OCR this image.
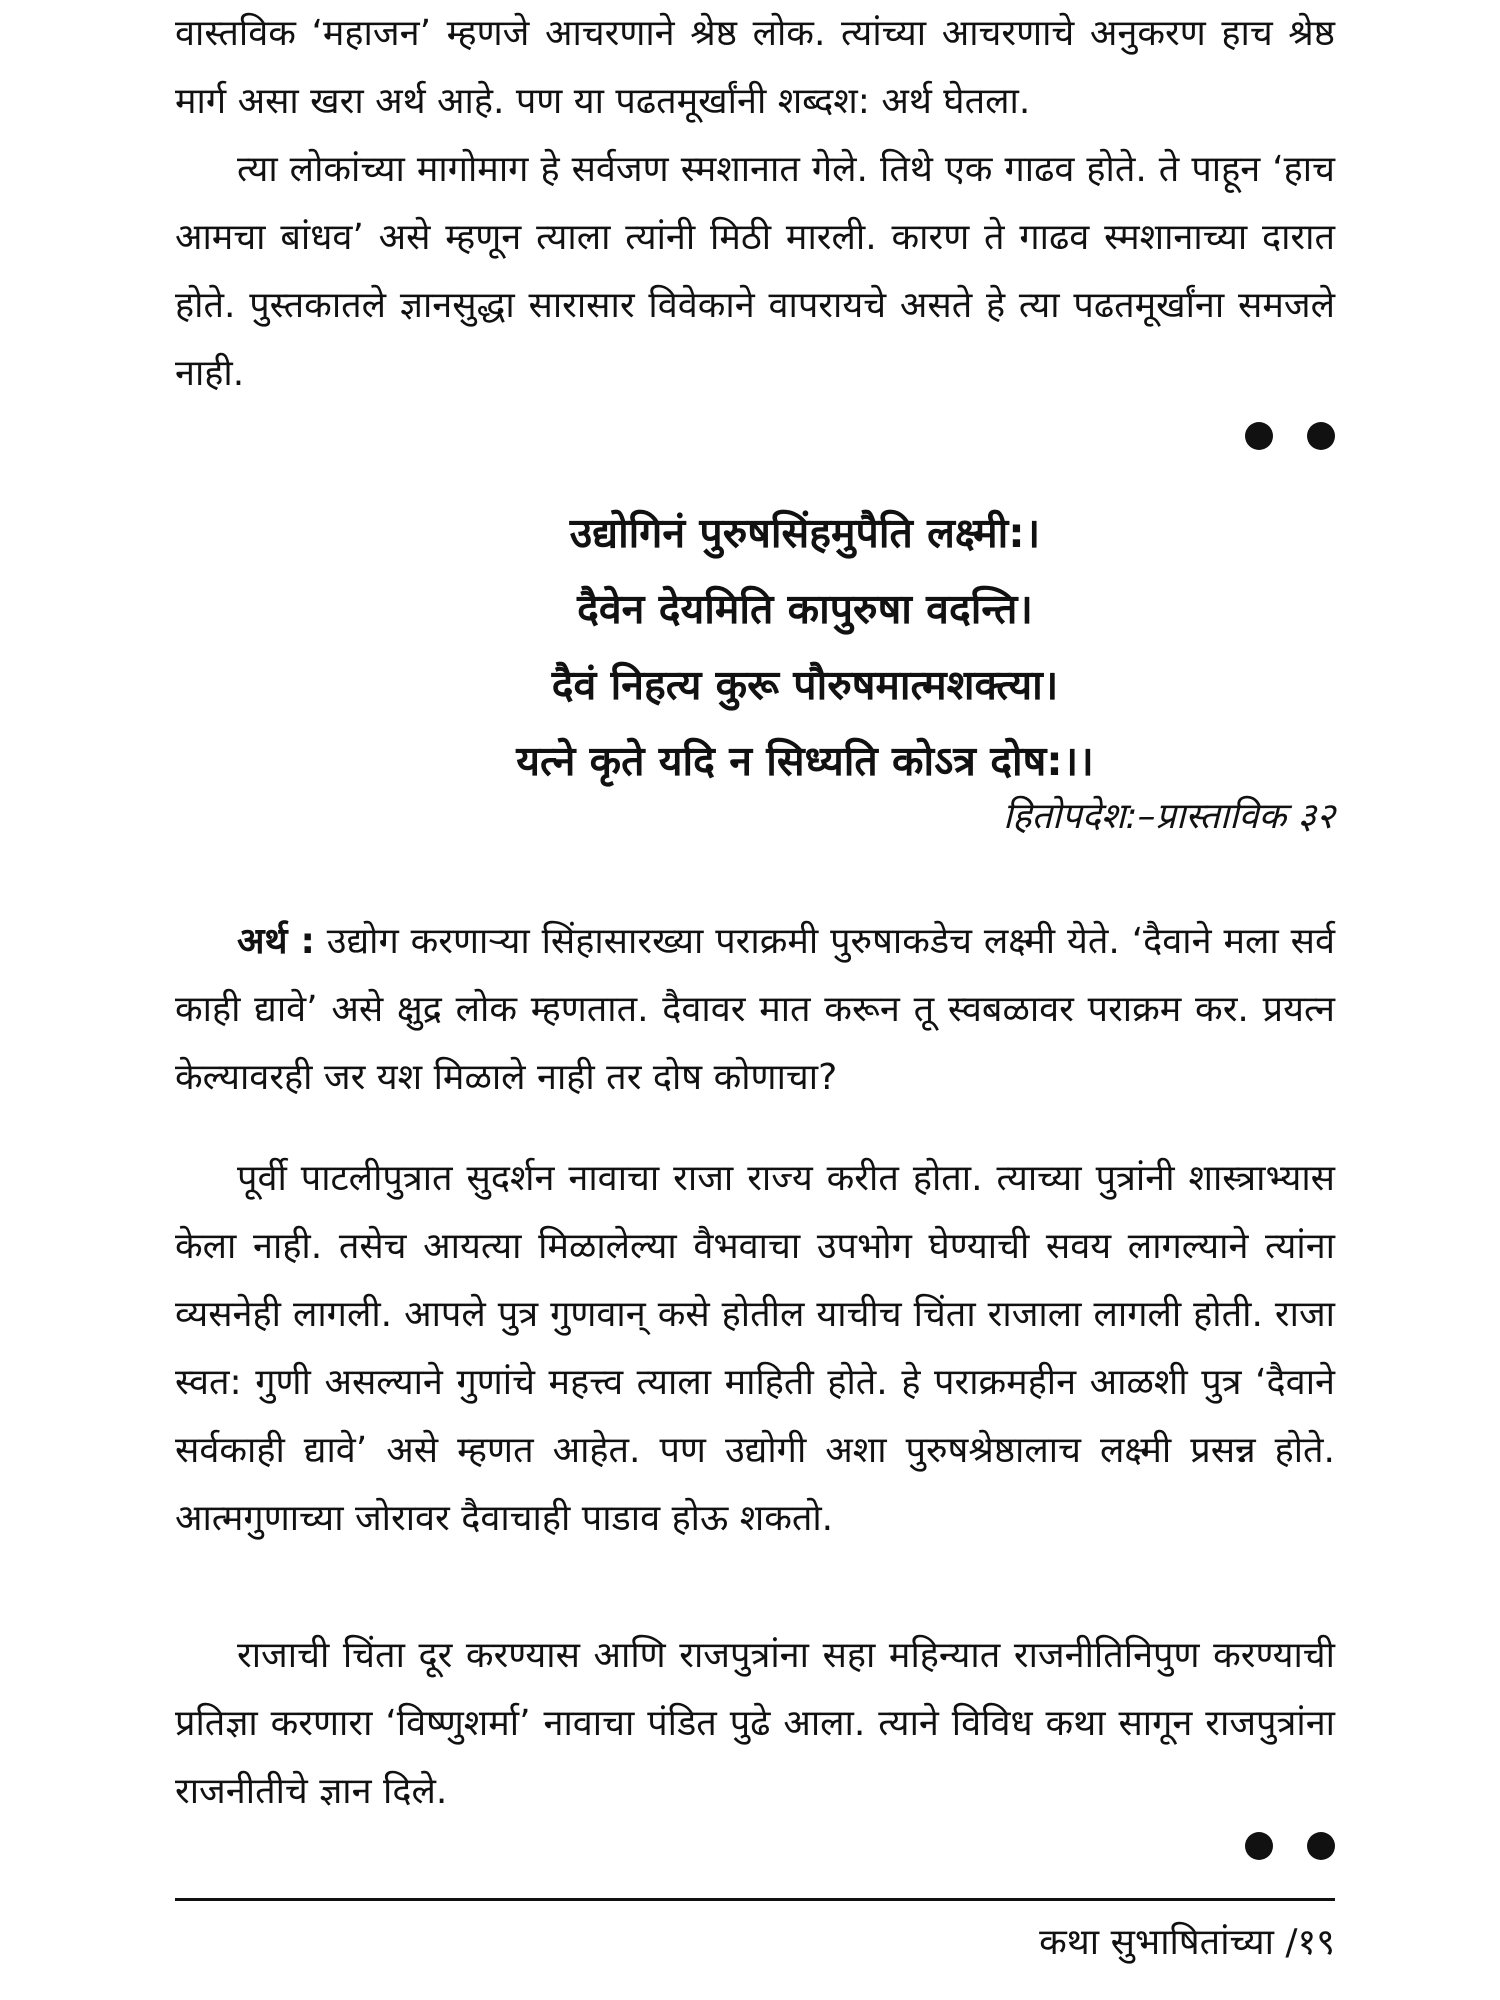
वास्तविक ‘महाजन’ म्हणजे आचरणाने श्रेष्ठ लोक. त्यांच्या आचरणाचे अनुकरण हाच श्रेष्ठ मार्ग असा खरा अर्थ आहे. पण या पढतमूर्खांनी शब्दश: अर्थ घेतला.

त्या लोकांच्या मागोमाग हे सर्वजण स्मशानात गेले. तिथे एक गाढव होते. ते पाहून ‘हाच आमचा बांधव’ असे म्हणून त्याला त्यांनी मिठी मारली. कारण ते गाढव स्मशानाच्या दारात होते. पुस्तकातले ज्ञानसुद्धा सारासार विवेकाने वापरायचे असते हे त्या पढतमूर्खांना समजले नाही.

उद्योगिनं पुरुषसिंहमुपैति लक्ष्मी:।
दैवेन देयमिति कापुरुषा वदन्ति।
दैवं निहत्य कुरू पौरुषमात्मशक्त्या।
यत्ने कृते यदि न सिध्यति कोऽत्र दोष:।।
हितोपदेश:–प्रास्ताविक ३२

अर्थ : उद्योग करणाऱ्या सिंहासारख्या पराक्रमी पुरुषाकडेच लक्ष्मी येते. ‘दैवाने मला सर्व काही द्यावे’ असे क्षुद्र लोक म्हणतात. दैवावर मात करून तू स्वबळावर पराक्रम कर. प्रयत्न केल्यावरही जर यश मिळाले नाही तर दोष कोणाचा?

पूर्वी पाटलीपुत्रात सुदर्शन नावाचा राजा राज्य करीत होता. त्याच्या पुत्रांनी शास्त्राभ्यास केला नाही. तसेच आयत्या मिळालेल्या वैभवाचा उपभोग घेण्याची सवय लागल्याने त्यांना व्यसनेही लागली. आपले पुत्र गुणवान् कसे होतील याचीच चिंता राजाला लागली होती. राजा स्वत: गुणी असल्याने गुणांचे महत्त्व त्याला माहिती होते. हे पराक्रमहीन आळशी पुत्र ‘दैवाने सर्वकाही द्यावे’ असे म्हणत आहेत. पण उद्योगी अशा पुरुषश्रेष्ठालाच लक्ष्मी प्रसन्न होते. आत्मगुणाच्या जोरावर दैवाचाही पाडाव होऊ शकतो.

राजाची चिंता दूर करण्यास आणि राजपुत्रांना सहा महिन्यात राजनीतिनिपुण करण्याची प्रतिज्ञा करणारा ‘विष्णुशर्मा’ नावाचा पंडित पुढे आला. त्याने विविध कथा सागून राजपुत्रांना राजनीतीचे ज्ञान दिले.

कथा सुभाषितांच्या /१९
